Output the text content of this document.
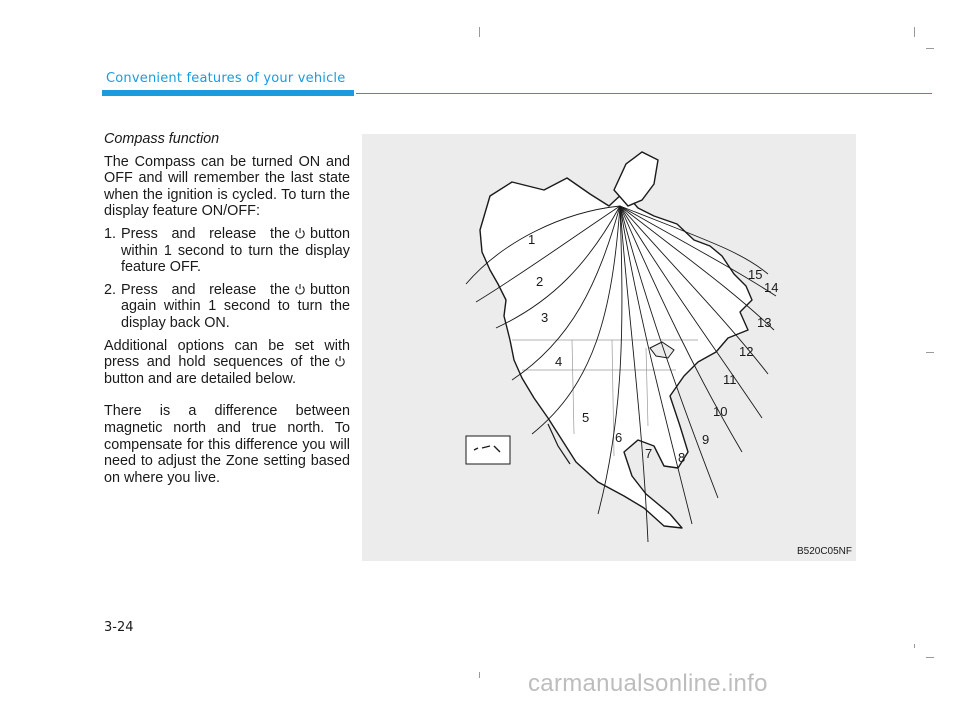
Convenient features of your vehicle

Compass function

The Compass can be turned ON and OFF and will remember the last state when the ignition is cycled. To turn the display feature ON/OFF:

1. Press and release the button within 1 second to turn the display feature OFF.
2. Press and release the button again within 1 second to turn the display back ON.

Additional options can be set with press and hold sequences of thebutton and are detailed below.

There is a difference between magnetic north and true north. To compensate for this difference you will need to adjust the Zone setting based on where you live.

1
2
3
4
5
6
7 8
9
10
11
12
13
14
15
B520C05NF
3-24
carmanualsonline.info
